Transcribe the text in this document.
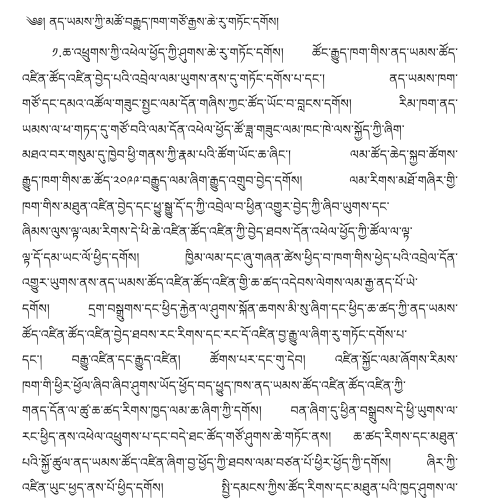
༄༅། ནད་ཡམས་ཀྱི་མཚོ་བརྒྱུད་ཁག་གཙོ་རྒྱས་ཆེ་རུ་གཏོང་དགོས།
༡.ཆ་འཕྲུགས་ཀྱི་འཕེལ་ཕྱོད་ཀྱི་ཤུགས་ཆེ་རུ་གཏོང་དགོས། ཚོང་རྒྱུད་ཁག་གིས་ནད་ཡམས་ཚོད་
འཛིན་ཚོད་འཛིན་བྱེད་པའི་འབྲེལ་ལམ་ཡུགས་ནས་དུ་གཏོང་དགོས་པ་དང་། ནད་ཡམས་ཁག་
གཙོ་དང་དམའ་འཚོལ་གཟུང་སྤྱང་ལམ་དོན་གཞིས་ཀྱང་ཚོད་ཡོང་བ་བླངས་དགོས། རིམ་ཁག་ནད་
ཡམས་ལ་ཕ་གཏད་དུ་གཙོ་བའི་ལམ་དོན་འཕེལ་ཕྱོད་ཚོ་ཟླ་གཟུང་ལམ་ཁང་ཁེ་ལས་སྐྱོད་ཀྱི་ཞིག་
མཐའ་བར་གསུམ་དུ་ཁྱེབ་ཕྱི་གནས་ཀྱི་རྣམ་པའི་ཚོག་ཡོང་ཆ་ཞིང་། ལམ་ཚོད་ཆེད་སྐྱབ་ཚོགས་
རྒྱུད་ཁག་གིས་ཆ་ཚོད་༢༠༩༩་བརྒྱུད་ལམ་ཞིག་རྒྱུད་འགྲུབ་བྱེད་དགོས། ལམ་རིགས་མཐོ་གཞིར་གྱི་
ཁག་གིས་མཐུན་འཛིན་བྱེད་དང་ཕྱུ་སྒྱུ་དོ་ད་ཀྱི་འབྲེལ་བ་ཕྱིན་འགྱུར་བྱེད་ཀྱི་ཞིབ་ཡུགས་དང་
ཞིམས་ལུས་ལྟ་ལམ་རིགས་དེ་ཕི་ཆེ་འཛིན་ཚོད་འཛིན་ཀྱི་བྱེད་ཐབས་དོན་འཕེལ་ཕྱོད་ཀྱི་ཚོལ་ལ་ལྟ་
ལྟ་དོ་དམ་ཡང་ལོ་ཕྱིད་དགོས། ཁྱིམ་ལམ་དང་ཞུ་གཞན་ཚེས་ཕྱིད་བ་ཁག་གིས་ཕྱེད་པའི་འབྲེལ་དོན་
འགྱུར་ཡུགས་ནས་ནད་ཡམས་ཚོད་འཛིན་ཚོད་འཛིན་གྱི་ཆ་ཚད་འདེབས་ལེགས་ལམ་རྒྱ་ནད་པོ་ཡེ་
དགོས། དྲག་བསྒྲུགས་དང་ཕྱིད་རྐྱེན་ལ་ཤུགས་སྐོན་ཆགས་མི་སུ་ཞིག་དང་ཕྱིད་ཆ་ཚད་ཀྱི་ནད་ཡམས་
ཚོད་འཛིན་ཚོད་འཛིན་བྱེད་ཐབས་རང་རིགས་དང་རང་དོ་འཛིན་བྱ་རྒྱུ་ལ་ཞིག་རུ་གཏོང་དགོས་པ་
དང་། བརྒྱུ་འཛིན་དང་རྒྱུད་འཛིན། ཚོགས་པར་དང་གུ་དེབ། འཛིན་སྐྱོང་ལམ་ཞོགས་རིམས་
ཁག་གི་ཕྱིར་ཕྱོལ་ཞིབ་ཞིབ་ཤུགས་ཡོད་ཕྱོད་བད་ཕྱུད་ཁས་ནད་ཡམས་ཚོད་འཛིན་ཚོད་འཛིན་ཀྱི་
གནད་དོན་ལ་ཚུ་ཆ་ཚད་རིགས་ཁྱད་ལམ་ཆ་ཞིག་ཀྱི་དགོས། བན་ཞིག་དུ་ཕྱིན་བསྒྲུབས་དེ་ཕྱི་ཡུགས་ལ་
རང་ཕྱིད་ནས་འཕེལ་འཕྲུགས་པ་དང་བདེ་ཐང་ཚོད་གཙོ་ཤུགས་ཆེ་གཏོང་ནས། ཆ་ཚད་རིགས་དང་མཐུན་
པའི་སྐྱོ་ཚུལ་ནད་ཡམས་ཚོད་འཛིན་ཞིག་བྱ་ཕྱོད་ཀྱི་ཐབས་ལམ་བཙན་པོ་ཕྱིར་ཕྱོད་ཀྱི་དགོས། ཞིར་ཀྱི་
འཛིན་ཡུང་ཕྱད་ནས་པོ་ཕྱིད་དགོས། སྤྱི་དམངས་ཀྱིས་ཚོད་རིགས་དང་མཐུན་པའི་ཁྱད་ཤུགས་ལ་
